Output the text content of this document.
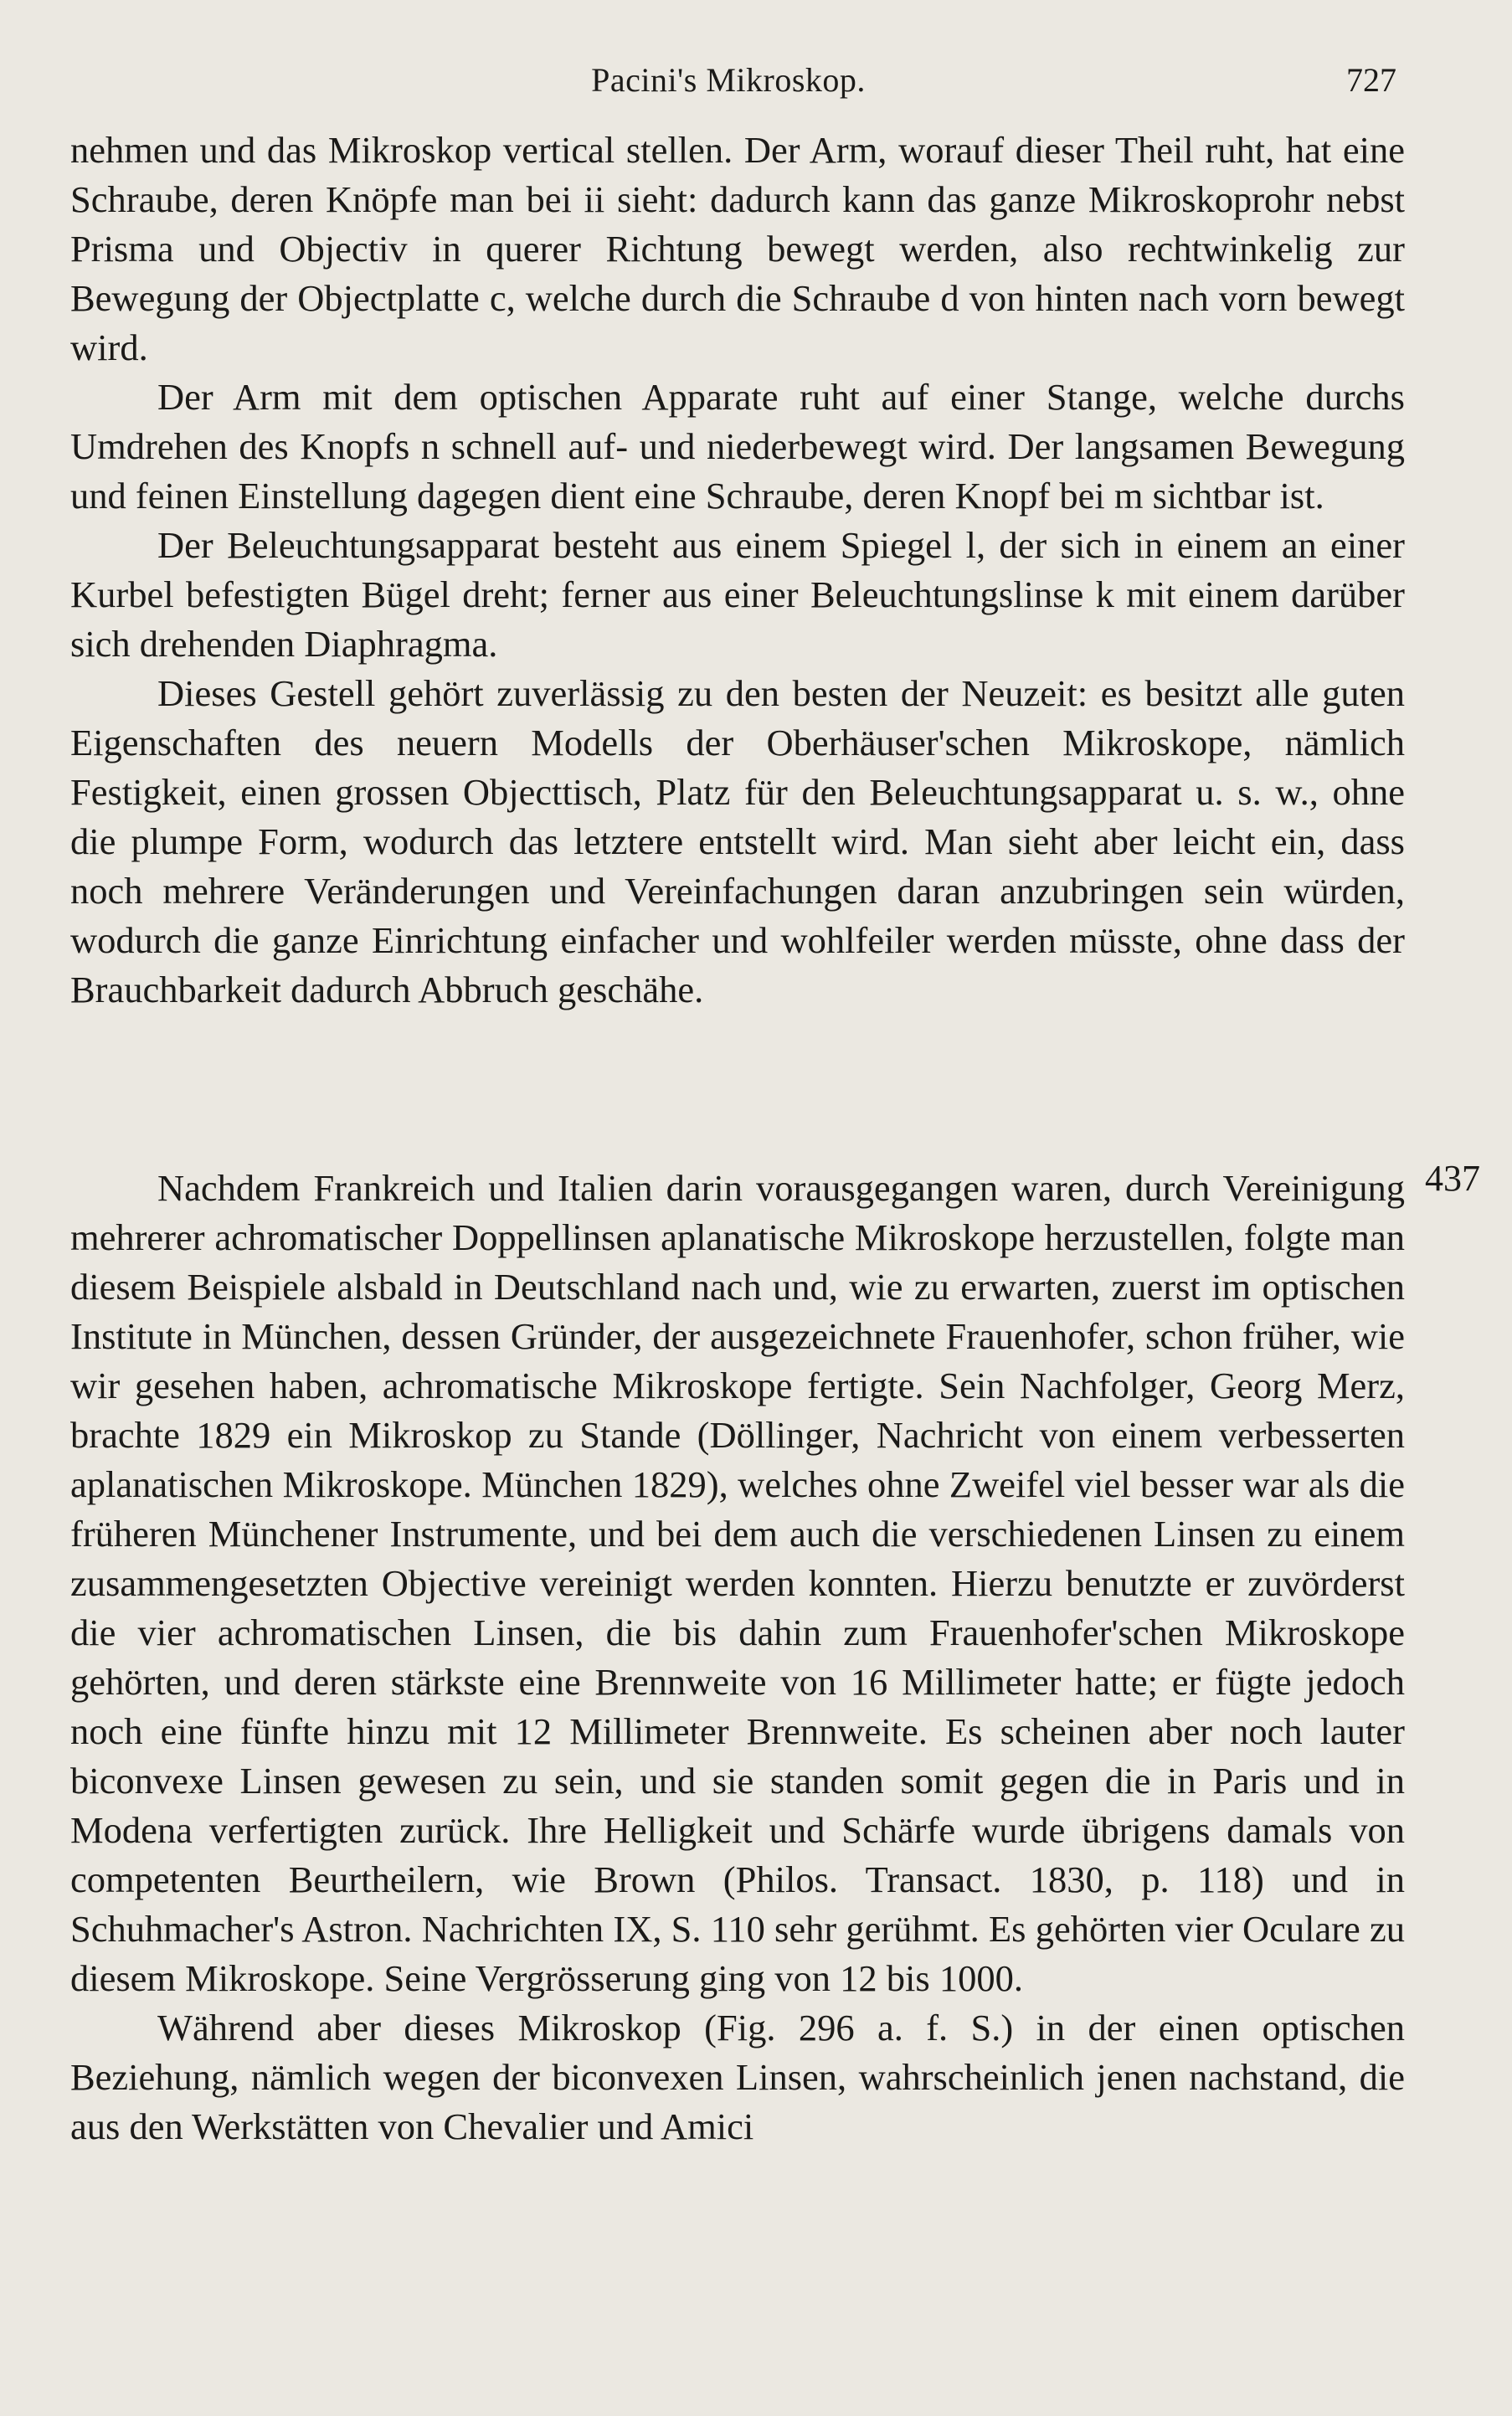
Pacini's Mikroskop.	727

nehmen und das Mikroskop vertical stellen. Der Arm, worauf dieser Theil ruht, hat eine Schraube, deren Knöpfe man bei ii sieht: dadurch kann das ganze Mikroskoprohr nebst Prisma und Objectiv in querer Richtung bewegt werden, also rechtwinkelig zur Bewegung der Objectplatte c, welche durch die Schraube d von hinten nach vorn bewegt wird.

Der Arm mit dem optischen Apparate ruht auf einer Stange, welche durchs Umdrehen des Knopfs n schnell auf- und niederbewegt wird. Der langsamen Bewegung und feinen Einstellung dagegen dient eine Schraube, deren Knopf bei m sichtbar ist.

Der Beleuchtungsapparat besteht aus einem Spiegel l, der sich in einem an einer Kurbel befestigten Bügel dreht; ferner aus einer Beleuchtungslinse k mit einem darüber sich drehenden Diaphragma.

Dieses Gestell gehört zuverlässig zu den besten der Neuzeit: es besitzt alle guten Eigenschaften des neuern Modells der Oberhäuser'schen Mikroskope, nämlich Festigkeit, einen grossen Objecttisch, Platz für den Beleuchtungsapparat u. s. w., ohne die plumpe Form, wodurch das letztere entstellt wird. Man sieht aber leicht ein, dass noch mehrere Veränderungen und Vereinfachungen daran anzubringen sein würden, wodurch die ganze Einrichtung einfacher und wohlfeiler werden müsste, ohne dass der Brauchbarkeit dadurch Abbruch geschähe.

437

Nachdem Frankreich und Italien darin vorausgegangen waren, durch Vereinigung mehrerer achromatischer Doppellinsen aplanatische Mikroskope herzustellen, folgte man diesem Beispiele alsbald in Deutschland nach und, wie zu erwarten, zuerst im optischen Institute in München, dessen Gründer, der ausgezeichnete Frauenhofer, schon früher, wie wir gesehen haben, achromatische Mikroskope fertigte. Sein Nachfolger, Georg Merz, brachte 1829 ein Mikroskop zu Stande (Döllinger, Nachricht von einem verbesserten aplanatischen Mikroskope. München 1829), welches ohne Zweifel viel besser war als die früheren Münchener Instrumente, und bei dem auch die verschiedenen Linsen zu einem zusammengesetzten Objective vereinigt werden konnten. Hierzu benutzte er zuvörderst die vier achromatischen Linsen, die bis dahin zum Frauenhofer'schen Mikroskope gehörten, und deren stärkste eine Brennweite von 16 Millimeter hatte; er fügte jedoch noch eine fünfte hinzu mit 12 Millimeter Brennweite. Es scheinen aber noch lauter biconvexe Linsen gewesen zu sein, und sie standen somit gegen die in Paris und in Modena verfertigten zurück. Ihre Helligkeit und Schärfe wurde übrigens damals von competenten Beurtheilern, wie Brown (Philos. Transact. 1830, p. 118) und in Schuhmacher's Astron. Nachrichten IX, S. 110 sehr gerühmt. Es gehörten vier Oculare zu diesem Mikroskope. Seine Vergrösserung ging von 12 bis 1000.

Während aber dieses Mikroskop (Fig. 296 a. f. S.) in der einen optischen Beziehung, nämlich wegen der biconvexen Linsen, wahrscheinlich jenen nachstand, die aus den Werkstätten von Chevalier und Amici
